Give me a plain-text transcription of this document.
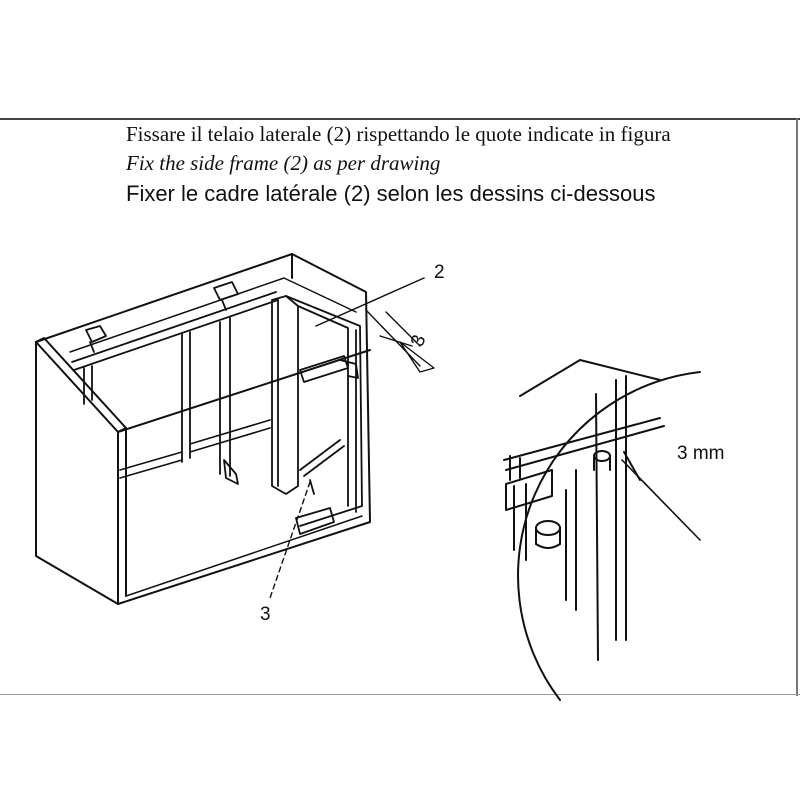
Fissare il telaio laterale (2) rispettando le quote indicate in figura
Fix the side frame (2) as per drawing
Fixer le cadre latérale (2) selon les dessins ci-dessous
2
3
3
3 mm
